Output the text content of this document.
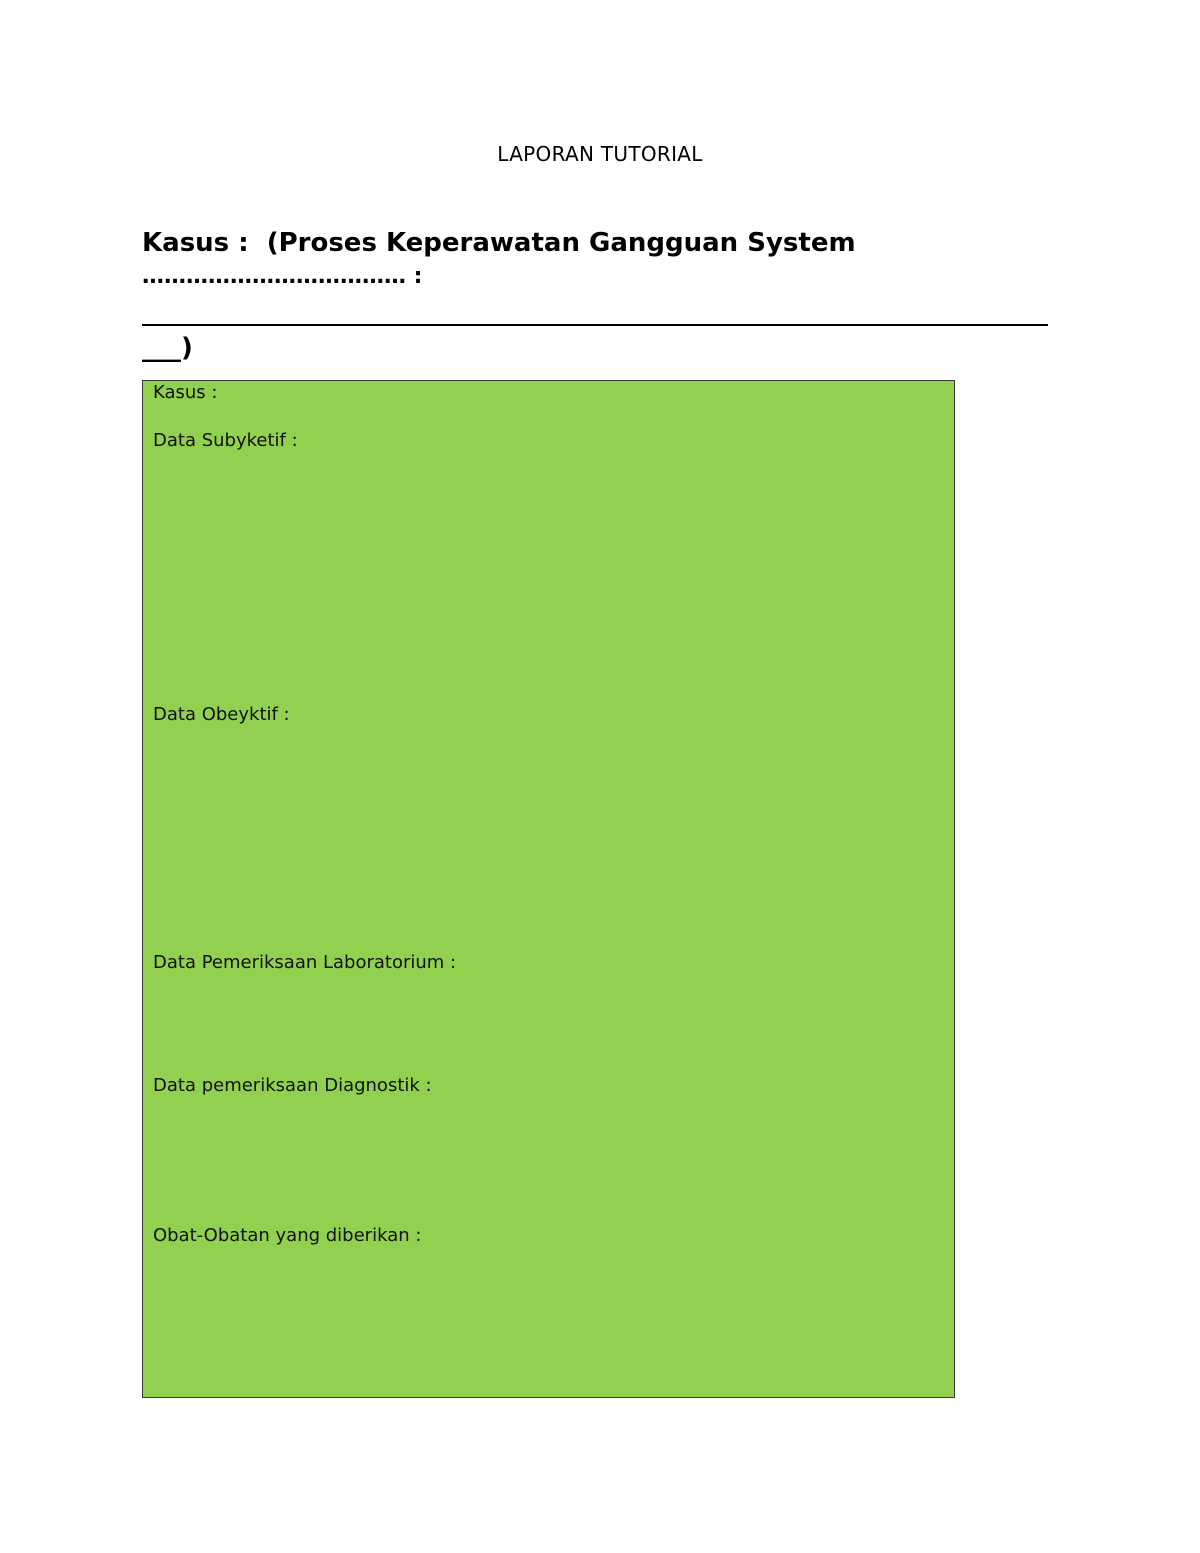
LAPORAN TUTORIAL
Kasus :  (Proses Keperawatan Gangguan System
……………………………… :
___)
Kasus :
Data Subyketif :
Data Obeyktif :
Data Pemeriksaan Laboratorium :
Data pemeriksaan Diagnostik :
Obat-Obatan yang diberikan :
